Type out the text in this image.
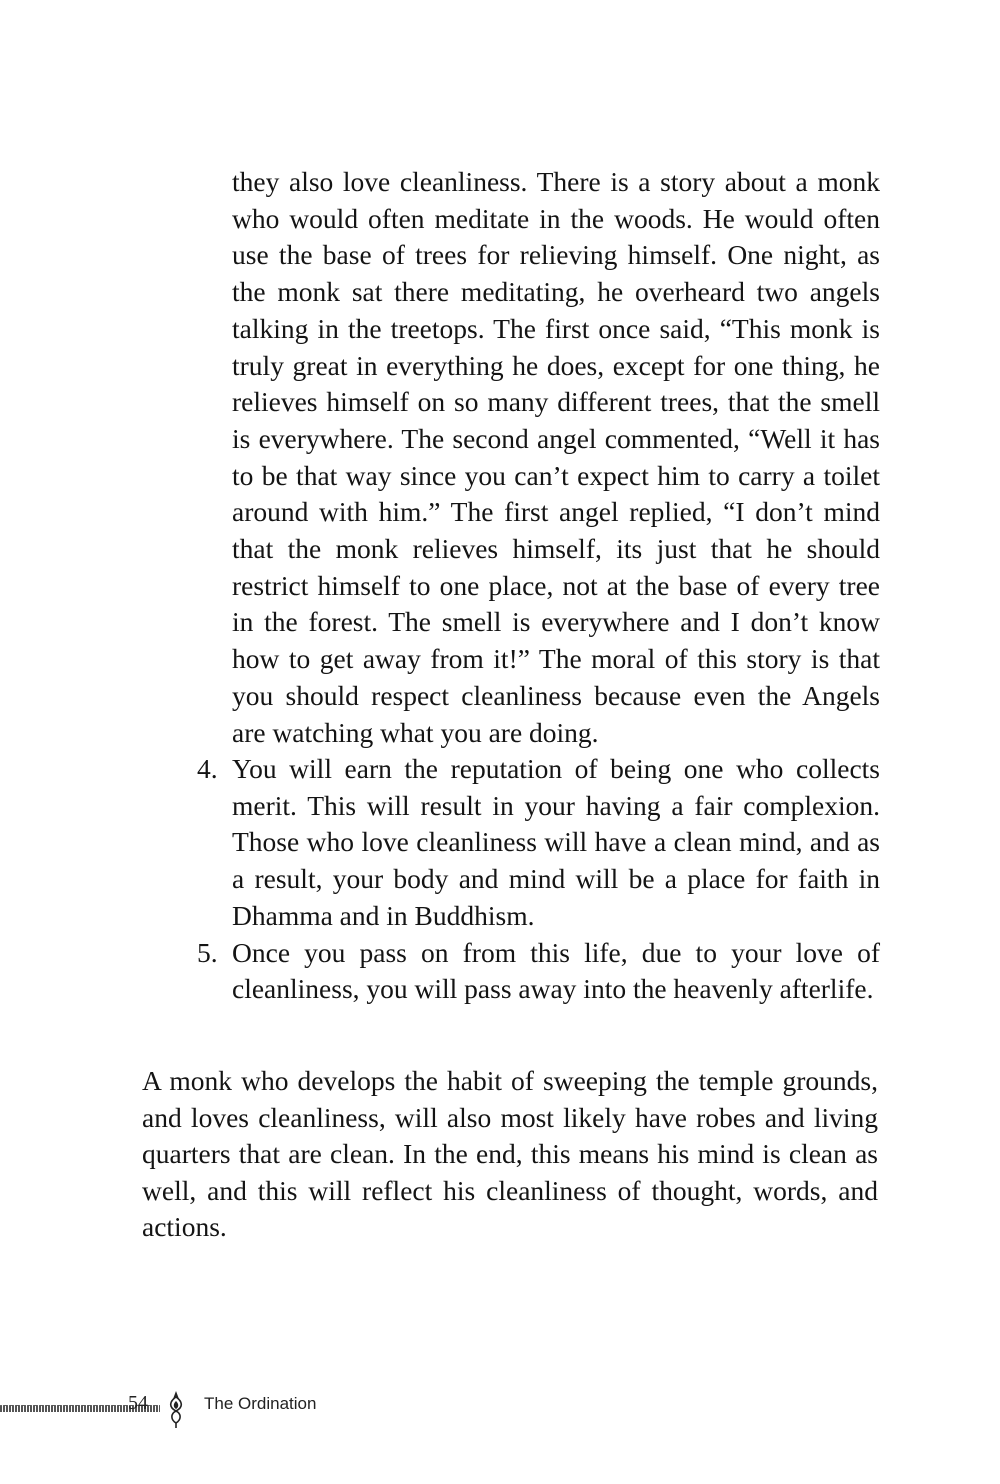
they also love cleanliness. There is a story about a monk who would often meditate in the woods. He would often use the base of trees for relieving himself. One night, as the monk sat there meditating, he overheard two angels talking in the treetops. The first once said, “This monk is truly great in everything he does, except for one thing, he relieves himself on so many different trees, that the smell is everywhere. The second angel commented, “Well it has to be that way since you can’t expect him to carry a toilet around with him.” The first angel replied, “I don’t mind that the monk relieves himself, its just that he should restrict himself to one place, not at the base of every tree in the forest. The smell is everywhere and I don’t know how to get away from it!” The moral of this story is that you should respect cleanliness because even the Angels are watching what you are doing.

4. You will earn the reputation of being one who collects merit. This will result in your having a fair complexion. Those who love cleanliness will have a clean mind, and as a result, your body and mind will be a place for faith in Dhamma and in Buddhism.
5. Once you pass on from this life, due to your love of cleanliness, you will pass away into the heavenly afterlife.

A monk who develops the habit of sweeping the temple grounds, and loves cleanliness, will also most likely have robes and living quarters that are clean. In the end, this means his mind is clean as well, and this will reflect his cleanliness of thought, words, and actions.

54	The Ordination
